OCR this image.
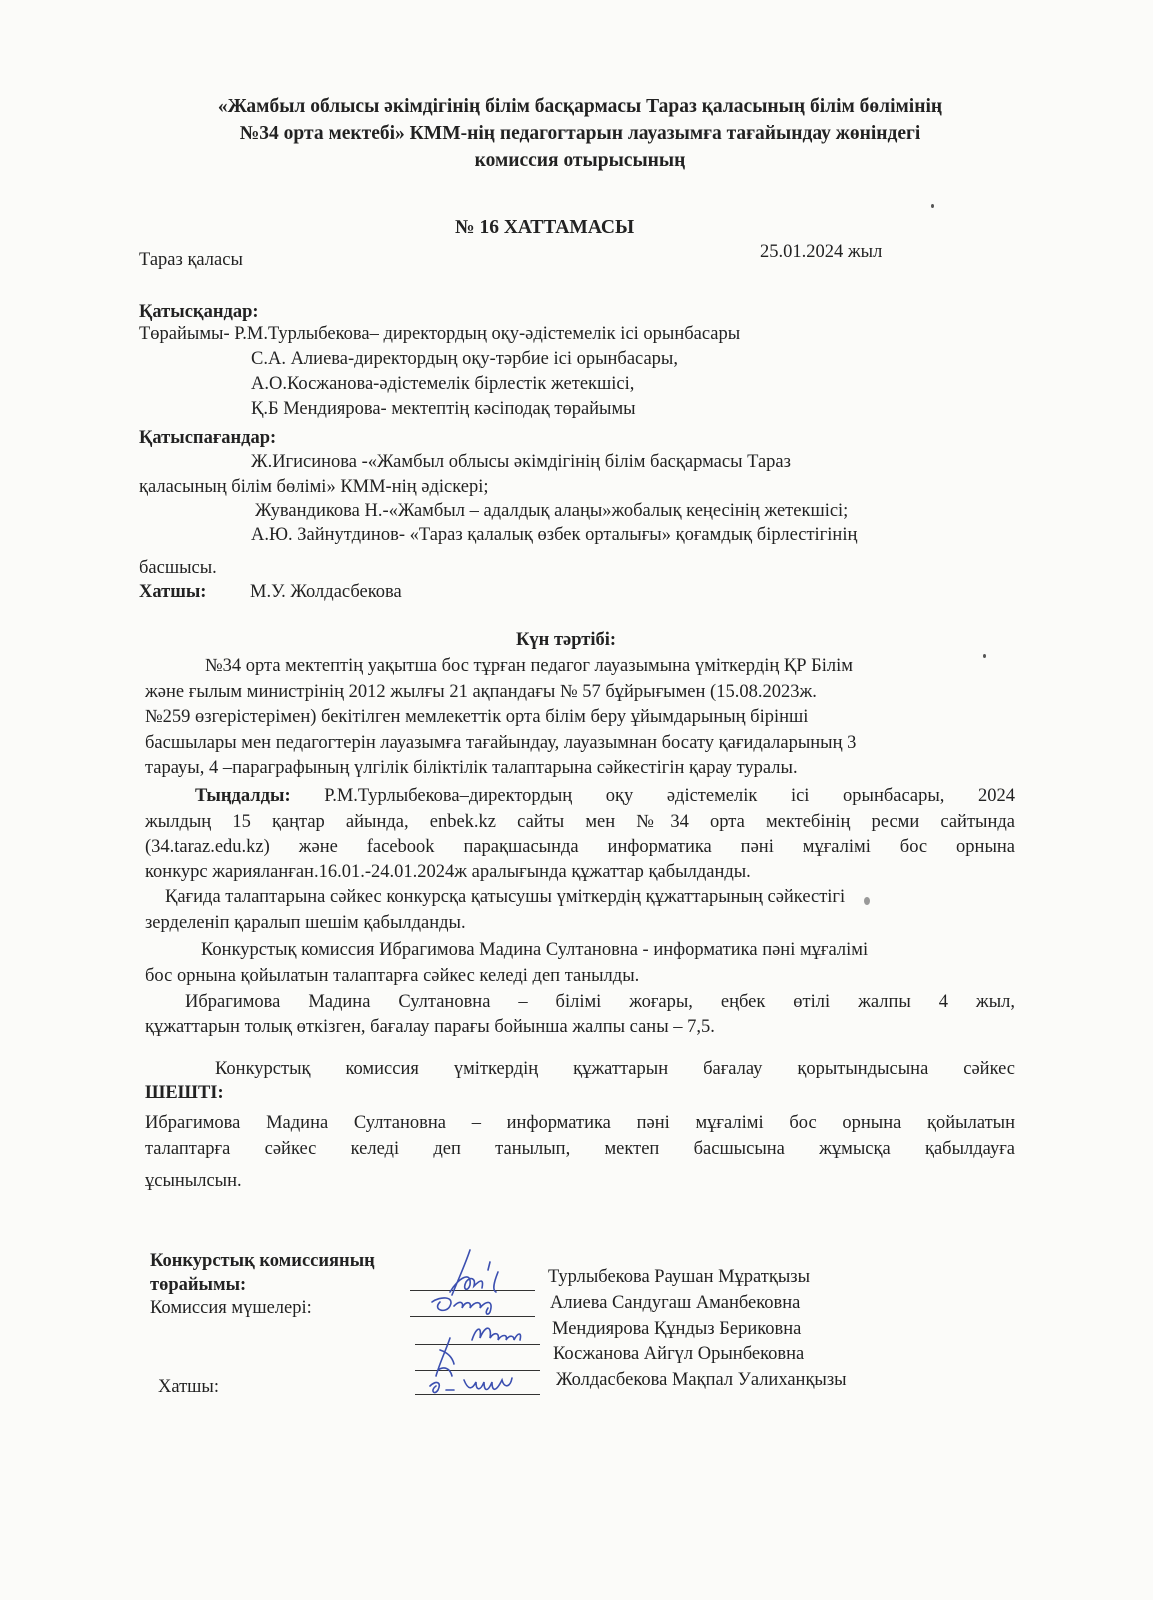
«Жамбыл облысы әкімдігінің білім басқармасы Тараз қаласының білім бөлімінің
№34 орта мектебі» КММ-нің педагогтарын лауазымға тағайындау жөніндегі
комиссия отырысының
№ 16 ХАТТАМАСЫ
Тараз қаласы	25.01.2024 жыл
Қатысқандар:
Төрайымы- Р.М.Турлыбекова– директордың оқу-әдістемелік ісі орынбасары
С.А. Алиева-директордың оқу-тәрбие ісі орынбасары,
А.О.Косжанова-әдістемелік бірлестік жетекшісі,
Қ.Б Мендиярова- мектептің кәсіподақ төрайымы
Қатыспағандар:
Ж.Игисинова -«Жамбыл облысы әкімдігінің білім басқармасы Тараз
қаласының білім бөлімі» КММ-нің әдіскері;
Жувандикова Н.-«Жамбыл – адалдық алаңы»жобалық кеңесінің жетекшісі;
А.Ю. Зайнутдинов- «Тараз қалалық өзбек орталығы» қоғамдық бірлестігінің
басшысы.
Хатшы: М.У. Жолдасбекова
Күн тәртібі:
№34 орта мектептің уақытша бос тұрған педагог лауазымына үміткердің ҚР Білім
және ғылым министрінің 2012 жылғы 21 ақпандағы № 57 бұйрығымен (15.08.2023ж.
№259 өзгерістерімен) бекітілген мемлекеттік орта білім беру ұйымдарының бірінші
басшылары мен педагогтерін лауазымға тағайындау, лауазымнан босату қағидаларының 3
тарауы, 4 –параграфының үлгілік біліктілік талаптарына сәйкестігін қарау туралы.
Тыңдалды: Р.М.Турлыбекова–директордың оқу әдістемелік ісі орынбасары, 2024
жылдың 15 қаңтар айында, enbek.kz сайты мен №34 орта мектебінің ресми сайтында
(34.taraz.edu.kz) және facebook парақшасында информатика пәні мұғалімі бос орнына
конкурс жарияланған.16.01.-24.01.2024ж аралығында құжаттар қабылданды.
Қағида талаптарына сәйкес конкурсқа қатысушы үміткердің құжаттарының сәйкестігі
зерделеніп қаралып шешім қабылданды.
Конкурстық комиссия Ибрагимова Мадина Султановна - информатика пәні мұғалімі
бос орнына қойылатын талаптарға сәйкес келеді деп танылды.
Ибрагимова Мадина Султановна – білімі жоғары, еңбек өтілі жалпы 4 жыл,
құжаттарын толық өткізген, бағалау парағы бойынша жалпы саны – 7,5.
Конкурстық комиссия үміткердің құжаттарын бағалау қорытындысына сәйкес
ШЕШТІ:
Ибрагимова Мадина Султановна – информатика пәні мұғалімі бос орнына қойылатын
талаптарға сәйкес келеді деп танылып, мектеп басшысына жұмысқа қабылдауға
ұсынылсын.
Конкурстық комиссияның
төрайымы:
Комиссия мүшелері:
Хатшы:
Турлыбекова Раушан Мұратқызы
Алиева Сандугаш Аманбековна
Мендиярова Құндыз Бериковна
Косжанова Айгүл Орынбековна
Жолдасбекова Мақпал Уалиханқызы
